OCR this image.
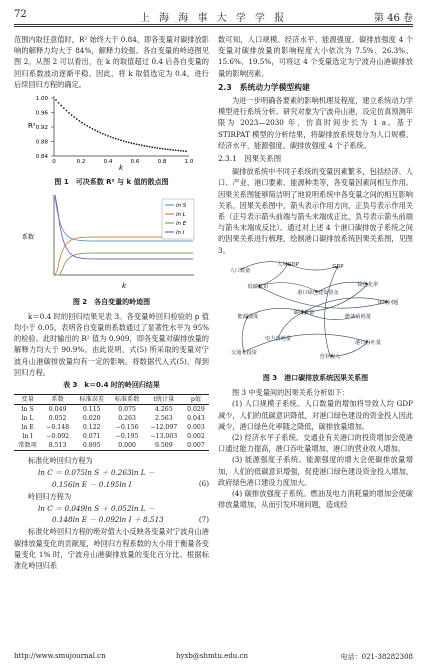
72	上 海 海 事 大 学 学 报	第 46 卷

范围内取任意值时，R² 始终大于 0.84，即各变量对碳排放影响的解释力均大于 84%，解释力较强。各自变量的岭迹图见图 2。从图 2 可以看出，在 k 的取值超过 0.4 后各自变量的回归系数波动逐渐平稳。因此，将 k 取值选定为 0.4，进行后续回归方程的确定。

1.00
0.96
0.92
0.88
0.84
0	0.2	0.4	0.6	0.8	1.0
R²
k
图 1　可决系数 R² 与 k 值的散点图
ln S
ln L
ln E
ln I
系数
k
图 2　各自变量的岭迹图

k＝0.4 时的回归结果见表 3。各变量岭回归检验的 p 值均小于 0.05，表明各自变量的系数通过了显著性水平为 95% 的检验。此时输出的 R² 值为 0.909，即各变量对碳排放量的解释力均大于 90.9%。由此说明，式(5) 所采取的变量对宁波舟山港碳排放量均有一定的影响。将数据代入式(5)，得到回归方程。

表 3　k＝0.4 时的岭回归结果
变量	系数	标准误差	标准系数	t统计量	p值
ln S	0.049	0.115	0.075	4.265	0.029
ln L	0.052	0.020	0.263	2.563	0.043
ln E	−0.148	0.122	−0.156	−12.097	0.003
ln I	−0.092	0.071	−0.195	−13.003	0.002
常数项	8.513	0.895	0.000	9.509	0.007

标准化岭回归方程为

ln C ＝ 0.075ln S ＋ 0.263ln L －
0.156ln E － 0.195ln I	(6)

岭回归方程为

ln C ＝ 0.049ln S ＋ 0.052ln L －
0.148ln E － 0.092ln I ＋ 8.513	(7)

标准化岭回归方程的绝对值大小反映各变量对宁波舟山港碳排放量变化的贡献度，岭回归方程系数的大小用于衡量各变量变化 1% 时，宁波舟山港碳排放量的变化百分比。根据标准化岭回归系

数可知，人口规模、经济水平、能源强度、碳排放强度 4 个变量对碳排放量的影响程度大小依次为 7.5%、26.3%、15.6%、19.5%，可将这 4 个变量选定为宁波舟山港碳排放量的影响因素。

2.3　系统动力学模型构建

为进一步明确各要素的影响机理及程度，建立系统动力学模型进行系统分析。研究对象为宁波舟山港，设定仿真预测年限为 2023—2030 年，仿真时间步长为 1 a。基于 STIRPAT 模型的分析结果，将碳排放系统划分为人口规模、经济水平、能源强度、碳排放强度 4 个子系统。

2.3.1　因果关系图

碳排放系统中不同子系统的变量因素繁多，包括经济、人口、产业、港口要素、能源种类等，各变量因素间相互作用。因果关系图能够简洁明了地说明系统中各变量之间的相互影响关系。因果关系图中，箭头表示作用方向，正负号表示作用关系（正号表示箭头前端与箭头末端成正比，负号表示箭头前端与箭头末端成反比）。通过对上述 4 个港口碳排放子系统之间的因果关系进行梳理，绘制港口碳排放系统因果关系图，见图 3。

人口数量
人均GDP	GDP
低碳意识
港口绿色建设资金
绿色化率
碳排放量
能源强度	燃油消耗量
电力消耗量
港口吞吐量
营业收入
交通业投资
环境问题
图 3　港口碳排放系统因果关系图

图 3 中变量间的因果关系分析如下：

(1) 人口规模子系统。人口数量的增加将导致人均 GDP 减少，人们的低碳意识降低，对港口绿色建设的资金投入因此减少，港口绿色化率随之降低，碳排放量增加。

(2) 经济水平子系统。交通业有关港口的投资增加会使港口通过能力提高，港口吞吐量增加，港口的营业收入增加。

(3) 能源强度子系统。能源强度的增大会使碳排放量增加，人们的低碳意识增强，促使港口绿色建设资金投入增加，政府绿色港口建设力度加大。

(4) 碳排放强度子系统。燃油及电力消耗量的增加会使碳排放量增加，从而引发环境问题，造成经

http://www.smujournal.cn	hyxb@shmtu.edu.cn	电话：021-38282308
